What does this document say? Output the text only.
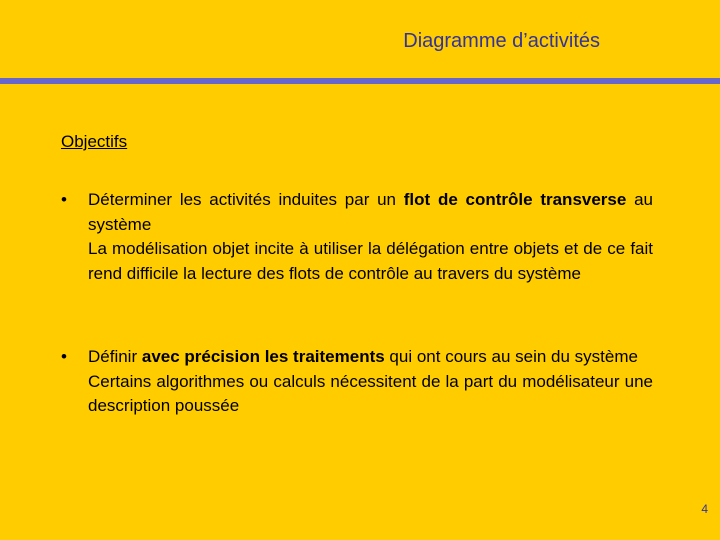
Diagramme d’activités
Objectifs
•	Déterminer les activités induites par un flot de contrôle transverse au système

La modélisation objet incite à utiliser la délégation entre objets et de ce fait rend difficile la lecture des flots de contrôle au travers du système

•	Définir avec précision les traitements qui ont cours au sein du système

Certains algorithmes ou calculs nécessitent de la part du modélisateur une description poussée

4
